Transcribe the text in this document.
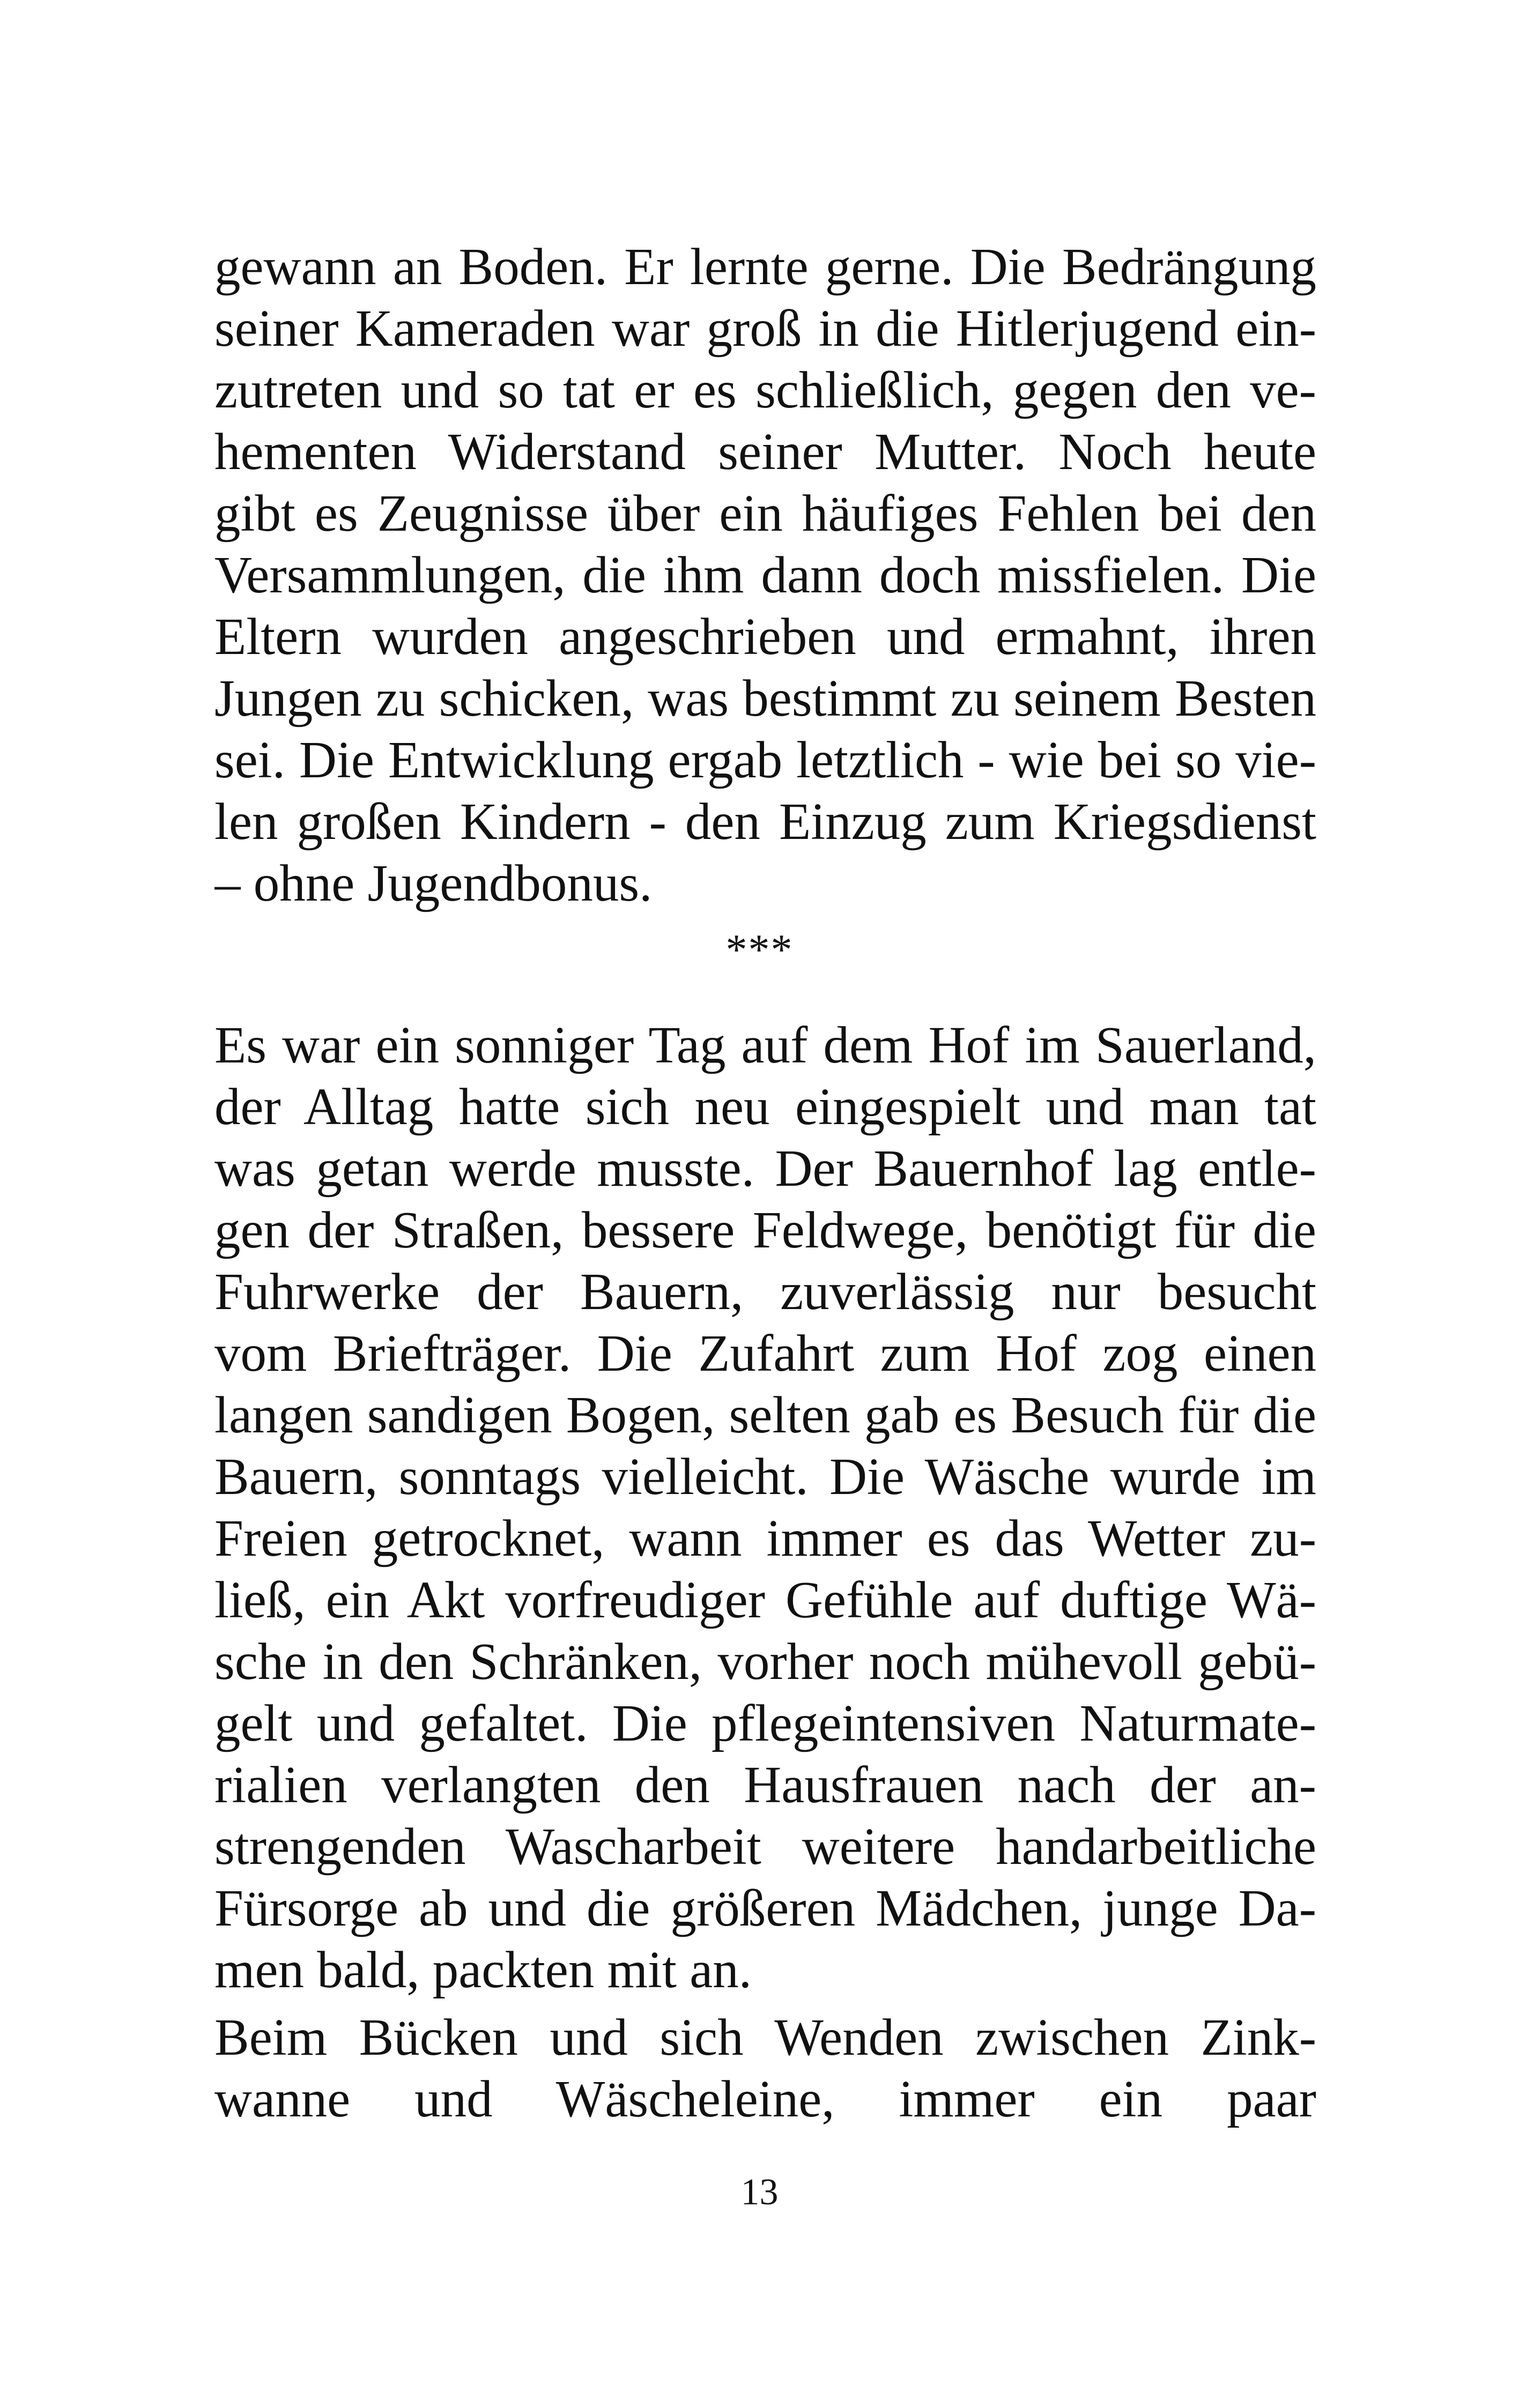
gewann an Boden. Er lernte gerne. Die Bedrängung
seiner Kameraden war groß in die Hitlerjugend ein-
zutreten und so tat er es schließlich, gegen den ve-
hementen Widerstand seiner Mutter. Noch heute
gibt es Zeugnisse über ein häufiges Fehlen bei den
Versammlungen, die ihm dann doch missfielen. Die
Eltern wurden angeschrieben und ermahnt, ihren
Jungen zu schicken, was bestimmt zu seinem Besten
sei. Die Entwicklung ergab letztlich - wie bei so vie-
len großen Kindern - den Einzug zum Kriegsdienst
– ohne Jugendbonus.

***

Es war ein sonniger Tag auf dem Hof im Sauerland,
der Alltag hatte sich neu eingespielt und man tat
was getan werde musste. Der Bauernhof lag entle-
gen der Straßen, bessere Feldwege, benötigt für die
Fuhrwerke der Bauern, zuverlässig nur besucht
vom Briefträger. Die Zufahrt zum Hof zog einen
langen sandigen Bogen, selten gab es Besuch für die
Bauern, sonntags vielleicht. Die Wäsche wurde im
Freien getrocknet, wann immer es das Wetter zu-
ließ, ein Akt vorfreudiger Gefühle auf duftige Wä-
sche in den Schränken, vorher noch mühevoll gebü-
gelt und gefaltet. Die pflegeintensiven Naturmate-
rialien verlangten den Hausfrauen nach der an-
strengenden Wascharbeit weitere handarbeitliche
Fürsorge ab und die größeren Mädchen, junge Da-
men bald, packten mit an.
Beim Bücken und sich Wenden zwischen Zink-
wanne und Wäscheleine, immer ein paar

13
